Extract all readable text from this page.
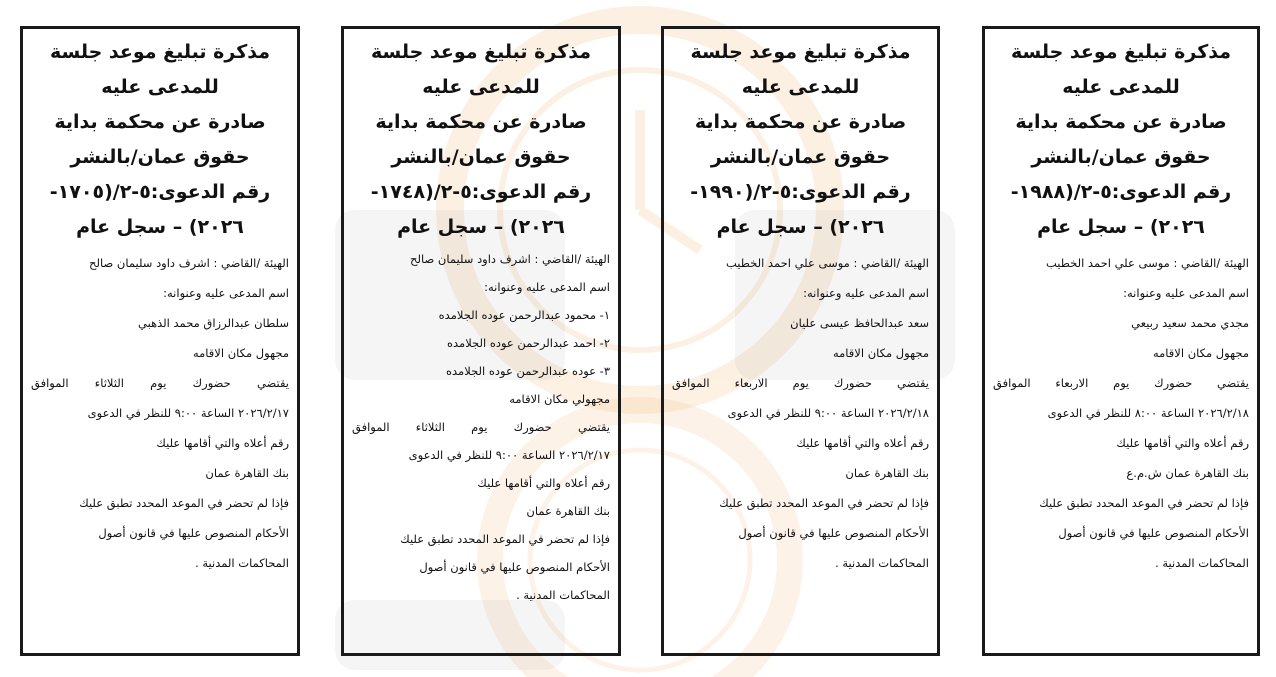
مذكرة تبليغ موعد جلسة
للمدعى عليه
صادرة عن محكمة بداية
حقوق عمان/بالنشر
رقم الدعوى:٥-٢/(١٩٨٨-
٢٠٢٦) – سجل عام
الهيئة /القاضي : موسى علي احمد الخطيب
اسم المدعى عليه وعنوانه:
مجدي محمد سعيد ربيعي
مجهول مكان الاقامه
يقتضي حضورك يوم الاربعاء الموافق
٢٠٢٦/٢/١٨ الساعة ٨:٠٠ للنظر في الدعوى
رقم أعلاه والتي أقامها عليك
بنك القاهرة عمان ش.م.ع
فإذا لم تحضر في الموعد المحدد تطبق عليك
الأحكام المنصوص عليها في قانون أصول
المحاكمات المدنية .
مذكرة تبليغ موعد جلسة
للمدعى عليه
صادرة عن محكمة بداية
حقوق عمان/بالنشر
رقم الدعوى:٥-٢/(١٩٩٠-
٢٠٢٦) – سجل عام
الهيئة /القاضي : موسى علي احمد الخطيب
اسم المدعى عليه وعنوانه:
سعد عبدالحافظ عيسى عليان
مجهول مكان الاقامه
يقتضي حضورك يوم الاربعاء الموافق
٢٠٢٦/٢/١٨ الساعة ٩:٠٠ للنظر في الدعوى
رقم أعلاه والتي أقامها عليك
بنك القاهرة عمان
فإذا لم تحضر في الموعد المحدد تطبق عليك
الأحكام المنصوص عليها في قانون أصول
المحاكمات المدنية .
مذكرة تبليغ موعد جلسة
للمدعى عليه
صادرة عن محكمة بداية
حقوق عمان/بالنشر
رقم الدعوى:٥-٢/(١٧٤٨-
٢٠٢٦) – سجل عام
الهيئة /القاضي : اشرف داود سليمان صالح
اسم المدعى عليه وعنوانه:
١- محمود عبدالرحمن عوده الجلامده
٢- احمد عبدالرحمن عوده الجلامده
٣- عوده عبدالرحمن عوده الجلامده
مجهولي مكان الاقامه
يقتضي حضورك يوم الثلاثاء الموافق
٢٠٢٦/٢/١٧ الساعة ٩:٠٠ للنظر في الدعوى
رقم أعلاه والتي أقامها عليك
بنك القاهرة عمان
فإذا لم تحضر في الموعد المحدد تطبق عليك
الأحكام المنصوص عليها في قانون أصول
المحاكمات المدنية .
مذكرة تبليغ موعد جلسة
للمدعى عليه
صادرة عن محكمة بداية
حقوق عمان/بالنشر
رقم الدعوى:٥-٢/(١٧٠٥-
٢٠٢٦) – سجل عام
الهيئة /القاضي : اشرف داود سليمان صالح
اسم المدعى عليه وعنوانه:
سلطان عبدالرزاق محمد الذهبي
مجهول مكان الاقامه
يقتضي حضورك يوم الثلاثاء الموافق
٢٠٢٦/٢/١٧ الساعة ٩:٠٠ للنظر في الدعوى
رقم أعلاه والتي أقامها عليك
بنك القاهرة عمان
فإذا لم تحضر في الموعد المحدد تطبق عليك
الأحكام المنصوص عليها في قانون أصول
المحاكمات المدنية .
